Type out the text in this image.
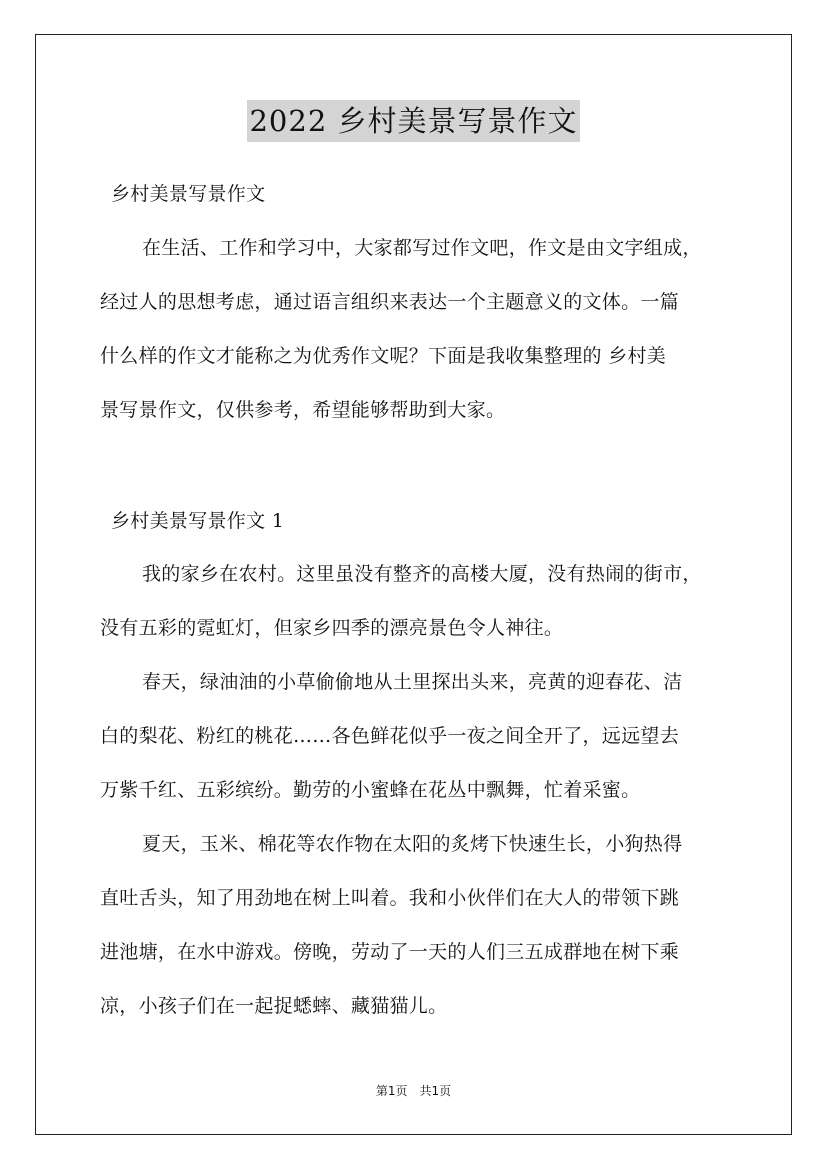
2022 乡村美景写景作文
乡村美景写景作文
在生活、工作和学习中，大家都写过作文吧，作文是由文字组成，
经过人的思想考虑，通过语言组织来表达一个主题意义的文体。一篇
什么样的作文才能称之为优秀作文呢？下面是我收集整理的 乡村美
景写景作文，仅供参考，希望能够帮助到大家。
乡村美景写景作文 1
我的家乡在农村。这里虽没有整齐的高楼大厦，没有热闹的街市，
没有五彩的霓虹灯，但家乡四季的漂亮景色令人神往。
春天，绿油油的小草偷偷地从土里探出头来，亮黄的迎春花、洁
白的梨花、粉红的桃花……各色鲜花似乎一夜之间全开了，远远望去
万紫千红、五彩缤纷。勤劳的小蜜蜂在花丛中飘舞，忙着采蜜。
夏天，玉米、棉花等农作物在太阳的炙烤下快速生长，小狗热得
直吐舌头，知了用劲地在树上叫着。我和小伙伴们在大人的带领下跳
进池塘，在水中游戏。傍晚，劳动了一天的人们三五成群地在树下乘
凉，小孩子们在一起捉蟋蟀、藏猫猫儿。
第1页　共1页
